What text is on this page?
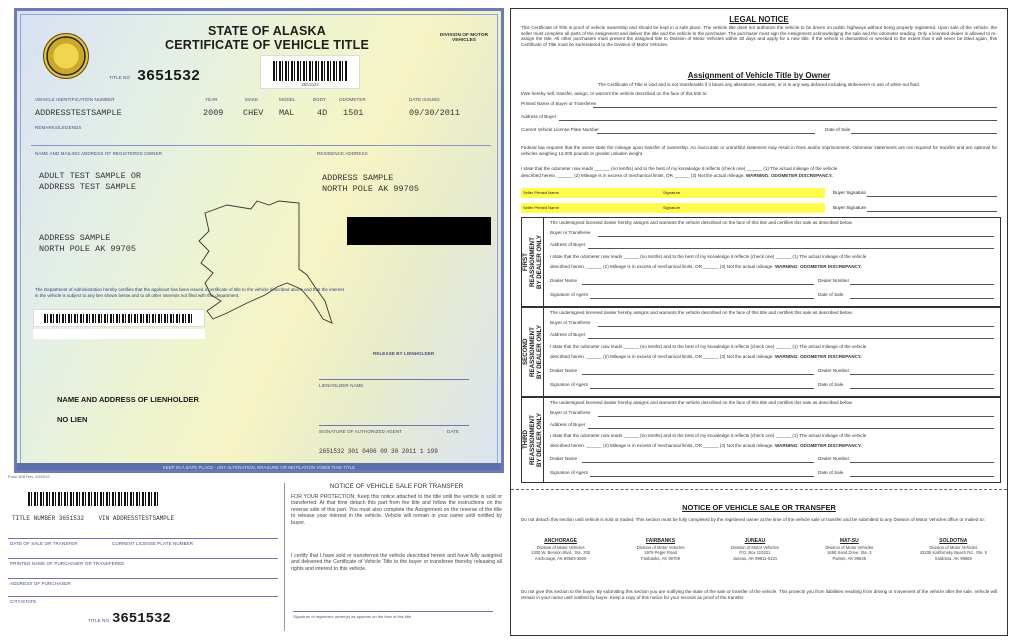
STATE OF ALASKA
CERTIFICATE OF VEHICLE TITLE
DIVISION OF MOTOR VEHICLES
TITLE NO 3651532	3651532
VEHICLE IDENTIFICATION NUMBER	YEAR	MAKE	MODEL	BODY	ODOMETER	DATE ISSUED
ADDRESSTESTSAMPLE	2009 CHEV MAL	4D 1501	09/30/2011
REMARKS/LEGENDS
NAME AND MAILING ADDRESS OF REGISTERED OWNER
ADULT TEST SAMPLE OR
ADDRESS TEST SAMPLE
RESIDENCE ADDRESS
ADDRESS SAMPLE
NORTH POLE AK 99705
ADDRESS SAMPLE
NORTH POLE AK 99705
The Department of Administration hereby certifies that the applicant has been issued a certificate of title to the vehicle described above and that the interest in the vehicle is subject to any lien shown below and to all other interests not filed with this department.
RELEASE BY LIENHOLDER
LIENHOLDER NAME
SIGNATURE OF AUTHORIZED AGENT	DATE
NAME AND ADDRESS OF LIENHOLDER
NO LIEN
2651532 301 0406 09 30 2011 1 199
KEEP IN A SAFE PLACE - ANY ALTERATION, ERASURE OR MUTILATION VOIDS THIS TITLE
Form 828 Rev. 03/2010
TITLE NUMBER 3651532 VIN ADDRESSTESTSAMPLE
DATE OF SALE OR TRANSFER	CURRENT LICENSE PLATE NUMBER
PRINTED NAME OF PURCHASER OR TRANSFEREE
ADDRESS OF PURCHASER
CITY/STATE
TITLE NO 3651532
NOTICE OF VEHICLE SALE FOR TRANSFER
FOR YOUR PROTECTION: Keep this notice attached to the title until the vehicle is sold or transferred. At that time detach this part from the title and follow the instructions on the reverse side of this part. You must also complete the Assignment on the reverse of the title to release your interest in the vehicle. Vehicle will remain in your name until notified by buyer.
I certify that I have sold or transferred the vehicle described herein and have fully assigned and delivered the Certificate of Vehicle Title to the buyer or transferee thereby releasing all rights and interest to this vehicle.
Signature of registered owner(s) as appears on the face of this title
LEGAL NOTICE
This Certificate of Title is proof of vehicle ownership and should be kept in a safe place. The vehicle title does not authorize the vehicle to be driven on public highways without being properly registered. Upon sale of the vehicle, the seller must complete all parts of the Assignment and deliver the title and the vehicle to the purchaser. The purchaser must sign the Assignment acknowledging the sale and the odometer reading. Only a licensed dealer is allowed to re-assign the title. All other purchasers must present the assigned title to Division of Motor Vehicles within 30 days and apply for a new title. If the vehicle is dismantled or wrecked to the extent that it will never be titled again, this Certificate of Title must be surrendered to the Division of Motor Vehicles.
Assignment of Vehicle Title by Owner
The Certificate of Title is void and is not transferable if it bears any alterations, erasures, or is in any way defaced including strikeovers or use of white-out fluid.
I/We hereby sell, transfer, assign, or warrant the vehicle described on the face of this title to:
Printed Name of Buyer or Transferee
Address of Buyer
Current Vehicle License Plate Number	Date of Sale
Federal law requires that the owner state the mileage upon transfer of ownership. An inaccurate or untruthful statement may result in fines and/or imprisonment. Odometer statements are not required for transfer and are optional for vehicles weighing 12,000 pounds or greater unladen weight.
I state that the odometer now reads ______ (no tenths) and to the best of my knowledge it reflects (check one) ______ (1) The actual mileage of the vehicle
described herein. ______ (2) Mileage is in excess of mechanical limits, OR ______ (3) Not the actual mileage. WARNING: ODOMETER DISCREPANCY.
Seller Printed Name	Signature	Buyer Signature
Seller Printed Name	Signature	Buyer Signature
FIRST
REASSIGNMENT
BY DEALER ONLY
The undersigned licensed dealer hereby assigns and warrants the vehicle described on the face of this title and certifies this sale as described below.
Buyer or Transferee
Address of Buyer
I state that the odometer now reads ______ (no tenths) and to the best of my knowledge it reflects (check one) ______ (1) The actual mileage of the vehicle
described herein. ______ (2) Mileage is in excess of mechanical limits, OR ______ (3) Not the actual mileage. WARNING: ODOMETER DISCREPANCY.
Dealer Name	Dealer Number
Signature of Agent	Date of Sale
SECOND
REASSIGNMENT
BY DEALER ONLY
The undersigned licensed dealer hereby assigns and warrants the vehicle described on the face of this title and certifies this sale as described below.
Buyer or Transferee
Address of Buyer
I state that the odometer now reads ______ (no tenths) and to the best of my knowledge it reflects (check one) ______ (1) The actual mileage of the vehicle
described herein. ______ (2) Mileage is in excess of mechanical limits, OR ______ (3) Not the actual mileage. WARNING: ODOMETER DISCREPANCY.
Dealer Name	Dealer Number
Signature of Agent	Date of Sale
THIRD
REASSIGNMENT
BY DEALER ONLY
The undersigned licensed dealer hereby assigns and warrants the vehicle described on the face of this title and certifies this sale as described below.
Buyer or Transferee
Address of Buyer
I state that the odometer now reads ______ (no tenths) and to the best of my knowledge it reflects (check one) ______ (1) The actual mileage of the vehicle
described herein. ______ (2) Mileage is in excess of mechanical limits, OR ______ (3) Not the actual mileage. WARNING: ODOMETER DISCREPANCY.
Dealer Name	Dealer Number
Signature of Agent	Date of Sale
NOTICE OF VEHICLE SALE OR TRANSFER
Do not detach this section until vehicle is sold or traded. This section must be fully completed by the registered owner at the time of the vehicle sale or transfer and be submitted to any Division of Motor Vehicles office or mailed to:
ANCHORAGE
Division of Motor Vehicles
1300 W. Benson Blvd., Ste. 200
Anchorage, AK 99503-3600
FAIRBANKS
Division of Motor Vehicles
1979 Peger Road
Fairbanks, AK 99709
JUNEAU
Division of Motor Vehicles
P.O. Box 110221
Juneau, AK 99811-0221
MAT-SU
Division of Motor Vehicles
1690 Sand Drive, Ste. 3
Palmer, AK 99645
SOLDOTNA
Division of Motor Vehicles
43335 Kalifornsky Beach Rd., Ste. 5
Soldotna, AK 99669
Do not give this section to the buyer. By submitting this section you are notifying the state of the sale or transfer of the vehicle. This protects you from liabilities resulting from driving or movement of the vehicle after the sale. Vehicle will remain in your name until notified by buyer. Keep a copy of this notice for your records as proof of the transfer.
